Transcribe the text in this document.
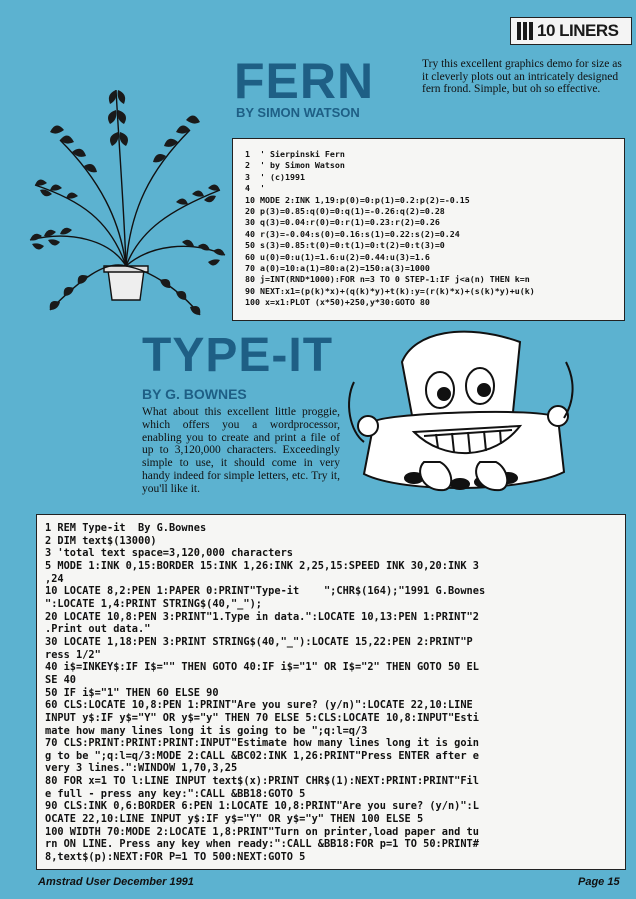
10 LINERS
FERN
BY SIMON WATSON
Try this excellent graphics demo for size as it cleverly plots out an intricately designed fern frond. Simple, but oh so effective.
1  ' Sierpinski Fern
2  ' by Simon Watson
3  ' (c)1991
4  '
10 MODE 2:INK 1,19:p(0)=0:p(1)=0.2:p(2)=-0.15
20 p(3)=0.85:q(0)=0:q(1)=-0.26:q(2)=0.28
30 q(3)=0.04:r(0)=0:r(1)=0.23:r(2)=0.26
40 r(3)=-0.04:s(0)=0.16:s(1)=0.22:s(2)=0.24
50 s(3)=0.85:t(0)=0:t(1)=0:t(2)=0:t(3)=0
60 u(0)=0:u(1)=1.6:u(2)=0.44:u(3)=1.6
70 a(0)=10:a(1)=80:a(2)=150:a(3)=1000
80 j=INT(RND*1000):FOR n=3 TO 0 STEP-1:IF j<a(n) THEN k=n
90 NEXT:x1=(p(k)*x)+(q(k)*y)+t(k):y=(r(k)*x)+(s(k)*y)+u(k)
100 x=x1:PLOT (x*50)+250,y*30:GOTO 80
TYPE-IT
BY G. BOWNES
What about this excellent little proggie, which offers you a wordprocessor, enabling you to create and print a file of up to 3,120,000 characters. Exceedingly simple to use, it should come in very handy indeed for simple letters, etc. Try it, you'll like it.
1 REM Type-it  By G.Bownes
2 DIM text$(13000)
3 'total text space=3,120,000 characters
5 MODE 1:INK 0,15:BORDER 15:INK 1,26:INK 2,25,15:SPEED INK 30,20:INK 3
,24
10 LOCATE 8,2:PEN 1:PAPER 0:PRINT"Type-it    ";CHR$(164);"1991 G.Bownes
":LOCATE 1,4:PRINT STRING$(40,"_");
20 LOCATE 10,8:PEN 3:PRINT"1.Type in data.":LOCATE 10,13:PEN 1:PRINT"2
.Print out data."
30 LOCATE 1,18:PEN 3:PRINT STRING$(40,"_"):LOCATE 15,22:PEN 2:PRINT"P
ress 1/2"
40 i$=INKEY$:IF I$="" THEN GOTO 40:IF i$="1" OR I$="2" THEN GOTO 50 EL
SE 40
50 IF i$="1" THEN 60 ELSE 90
60 CLS:LOCATE 10,8:PEN 1:PRINT"Are you sure? (y/n)":LOCATE 22,10:LINE
INPUT y$:IF y$="Y" OR y$="y" THEN 70 ELSE 5:CLS:LOCATE 10,8:INPUT"Esti
mate how many lines long it is going to be ";q:l=q/3
70 CLS:PRINT:PRINT:PRINT:INPUT"Estimate how many lines long it is goin
g to be ";q:l=q/3:MODE 2:CALL &BC02:INK 1,26:PRINT"Press ENTER after e
very 3 lines.":WINDOW 1,70,3,25
80 FOR x=1 TO l:LINE INPUT text$(x):PRINT CHR$(1):NEXT:PRINT:PRINT"Fil
e full - press any key:":CALL &BB18:GOTO 5
90 CLS:INK 0,6:BORDER 6:PEN 1:LOCATE 10,8:PRINT"Are you sure? (y/n)":L
OCATE 22,10:LINE INPUT y$:IF y$="Y" OR y$="y" THEN 100 ELSE 5
100 WIDTH 70:MODE 2:LOCATE 1,8:PRINT"Turn on printer,load paper and tu
rn ON LINE. Press any key when ready:":CALL &BB18:FOR p=1 TO 50:PRINT#
8,text$(p):NEXT:FOR P=1 TO 500:NEXT:GOTO 5
Amstrad User December 1991	Page 15
